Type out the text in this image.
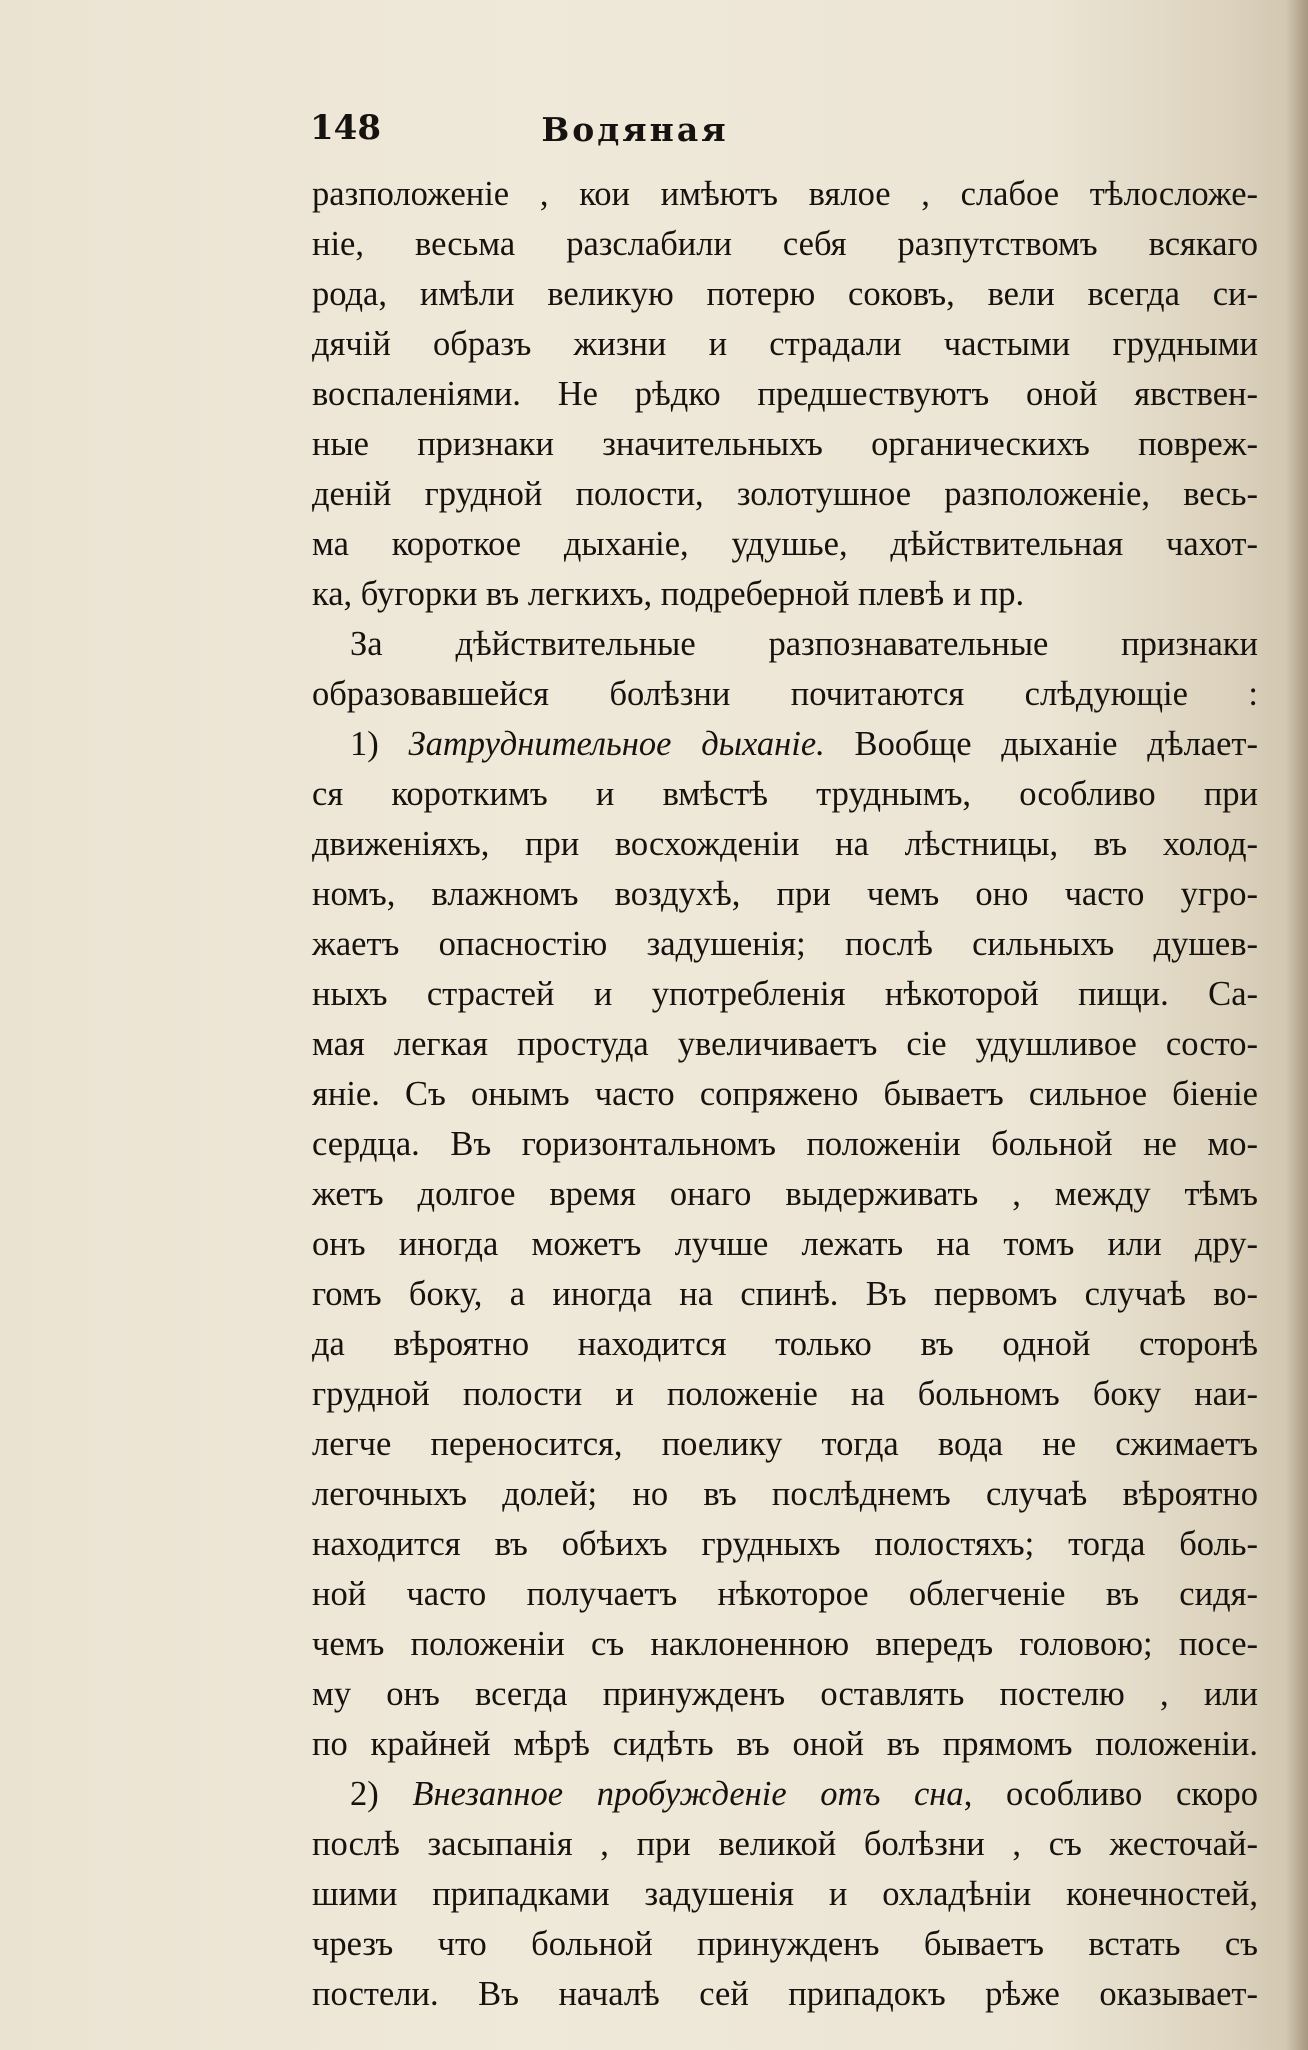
148	Водяная
разположеніе , кои имѣютъ вялое , слабое тѣлосложе-
ніе, весьма разслабили себя разпутствомъ всякаго
рода, имѣли великую потерю соковъ, вели всегда си-
дячій образъ жизни и страдали частыми грудными
воспаленіями. Не рѣдко предшествуютъ оной явствен-
ные признаки значительныхъ органическихъ повреж-
деній грудной полости, золотушное разположеніе, весь-
ма короткое дыханіе, удушье, дѣйствительная чахот-
ка, бугорки въ легкихъ, подреберной плевѣ и пр.
За дѣйствительные разпознавательные признаки
образовавшейся болѣзни почитаются слѣдующіе :
1) Затруднительное дыханіе. Вообще дыханіе дѣлает-
ся короткимъ и вмѣстѣ труднымъ, особливо при
движеніяхъ, при восхожденіи на лѣстницы, въ холод-
номъ, влажномъ воздухѣ, при чемъ оно часто угро-
жаетъ опасностію задушенія; послѣ сильныхъ душев-
ныхъ страстей и употребленія нѣкоторой пищи. Са-
мая легкая простуда увеличиваетъ сіе удушливое состо-
яніе. Съ онымъ часто сопряжено бываетъ сильное біеніе
сердца. Въ горизонтальномъ положеніи больной не мо-
жетъ долгое время онаго выдерживать , между тѣмъ
онъ иногда можетъ лучше лежать на томъ или дру-
гомъ боку, а иногда на спинѣ. Въ первомъ случаѣ во-
да вѣроятно находится только въ одной сторонѣ
грудной полости и положеніе на больномъ боку наи-
легче переносится, поелику тогда вода не сжимаетъ
легочныхъ долей; но въ послѣднемъ случаѣ вѣроятно
находится въ обѣихъ грудныхъ полостяхъ; тогда боль-
ной часто получаетъ нѣкоторое облегченіе въ сидя-
чемъ положеніи съ наклоненною впередъ головою; посе-
му онъ всегда принужденъ оставлять постелю , или
по крайней мѣрѣ сидѣть въ оной въ прямомъ положеніи.
2) Внезапное пробужденіе отъ сна, особливо скоро
послѣ засыпанія , при великой болѣзни , съ жесточай-
шими припадками задушенія и охладѣніи конечностей,
чрезъ что больной принужденъ бываетъ встать съ
постели. Въ началѣ сей припадокъ рѣже оказывает-
